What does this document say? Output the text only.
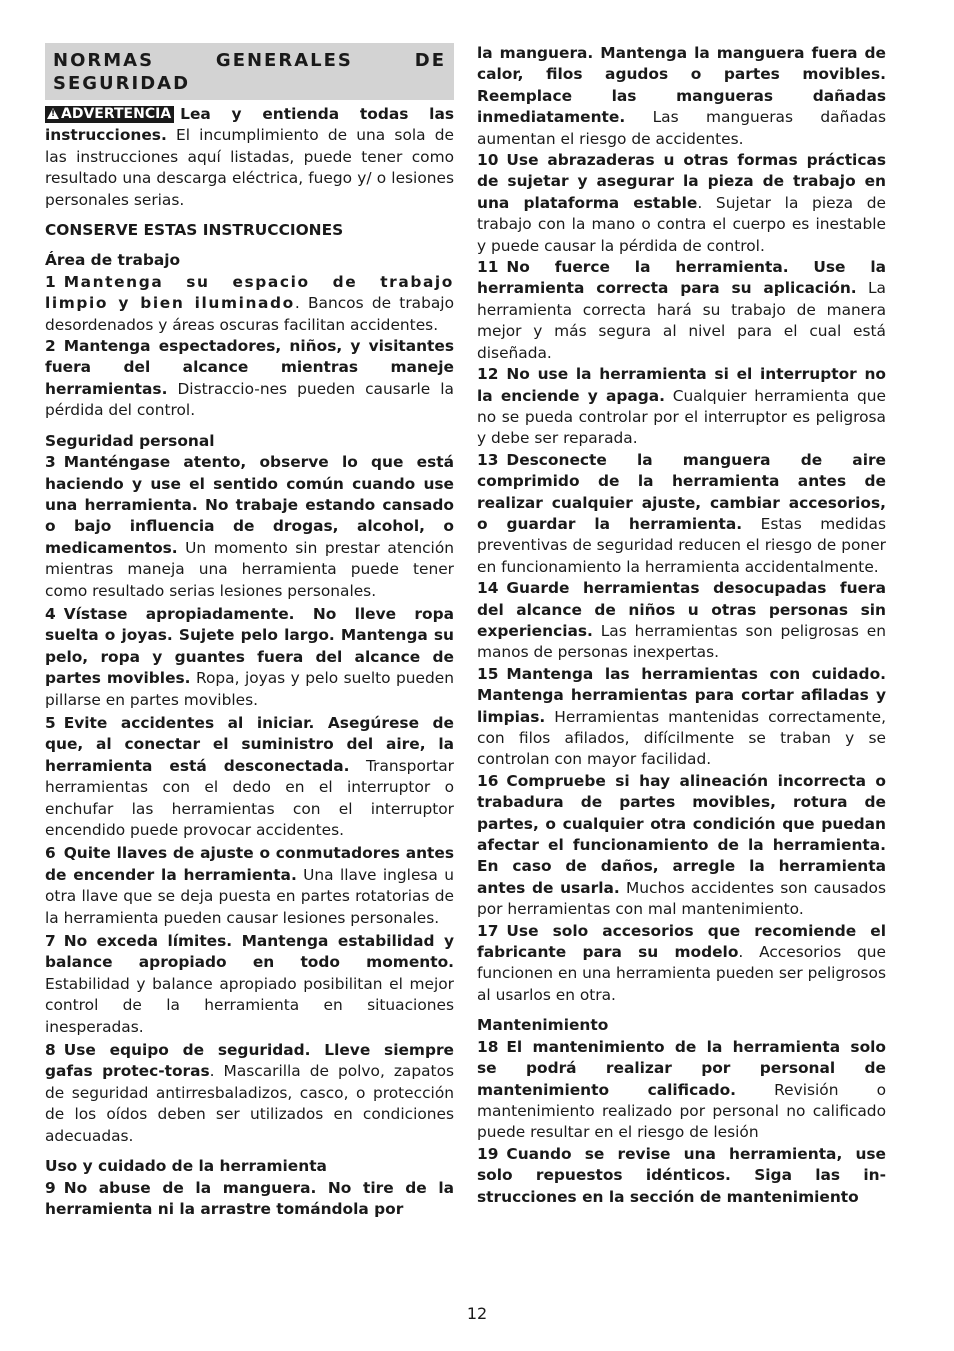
NORMAS GENERALES DE
SEGURIDAD

!ADVERTENCIA Lea y entienda todas las instrucciones. El incumplimiento de una sola de las instrucciones aquí listadas, puede tener como resultado una descarga eléctrica, fuego y/ o lesiones personales serias.

CONSERVE ESTAS INSTRUCCIONES

Área de trabajo

1 Mantenga su espacio de trabajo limpio y bien iluminado. Bancos de trabajo desordenados y áreas oscuras facilitan accidentes.

2 Mantenga espectadores, niños, y visitantes fuera del alcance mientras maneje herramientas. Distraccio-nes pueden causarle la pérdida del control.

Seguridad personal

3 Manténgase atento, observe lo que está haciendo y use el sentido común cuando use una herramienta. No trabaje estando cansado o bajo influencia de drogas, alcohol, o medicamentos. Un momento sin prestar atención mientras maneja una herramienta puede tener como resultado serias lesiones personales.

4 Vístase apropiadamente. No lleve ropa suelta o joyas. Sujete pelo largo. Mantenga su pelo, ropa y guantes fuera del alcance de partes movibles. Ropa, joyas y pelo suelto pueden pillarse en partes movibles.

5 Evite accidentes al iniciar. Asegúrese de que, al conectar el suministro del aire, la herramienta está desconectada. Transportar herramientas con el dedo en el interruptor o enchufar las herramientas con el interruptor encendido puede provocar accidentes.

6 Quite llaves de ajuste o conmutadores antes de encender la herramienta. Una llave inglesa u otra llave que se deja puesta en partes rotatorias de la herramienta pueden causar lesiones personales.

7 No exceda límites. Mantenga estabilidad y balance apropiado en todo momento. Estabilidad y balance apropiado posibilitan el mejor control de la herramienta en situaciones inesperadas.

8 Use equipo de seguridad. Lleve siempre gafas protec-toras. Mascarilla de polvo, zapatos de seguridad antirresbaladizos, casco, o protección de los oídos deben ser utilizados en condiciones adecuadas.

Uso y cuidado de la herramienta

9 No abuse de la manguera. No tire de la herramienta ni la arrastre tomándola por

la manguera. Mantenga la manguera fuera de calor, filos agudos o partes movibles. Reemplace las mangueras dañadas inmediatamente. Las mangueras dañadas aumentan el riesgo de accidentes.

10 Use abrazaderas u otras formas prácticas de sujetar y asegurar la pieza de trabajo en una plataforma estable. Sujetar la pieza de trabajo con la mano o contra el cuerpo es inestable y puede causar la pérdida de control.

11 No fuerce la herramienta. Use la herramienta correcta para su aplicación. La herramienta correcta hará su trabajo de manera mejor y más segura al nivel para el cual está diseñada.

12 No use la herramienta si el interruptor no la enciende y apaga. Cualquier herramienta que no se pueda controlar por el interruptor es peligrosa y debe ser reparada.

13 Desconecte la manguera de aire comprimido de la herramienta antes de realizar cualquier ajuste, cambiar accesorios, o guardar la herramienta. Estas medidas preventivas de seguridad reducen el riesgo de poner en funcionamiento la herramienta accidentalmente.

14 Guarde herramientas desocupadas fuera del alcance de niños u otras personas sin experiencias. Las herramientas son peligrosas en manos de personas inexpertas.

15 Mantenga las herramientas con cuidado. Mantenga herramientas para cortar afiladas y limpias. Herramientas mantenidas correctamente, con filos afilados, difícilmente se traban y se controlan con mayor facilidad.

16 Compruebe si hay alineación incorrecta o trabadura de partes movibles, rotura de partes, o cualquier otra condición que puedan afectar el funcionamiento de la herramienta. En caso de daños, arregle la herramienta antes de usarla. Muchos accidentes son causados por herramientas con mal mantenimiento.

17 Use solo accesorios que recomiende el fabricante para su modelo. Accesorios que funcionen en una herramienta pueden ser peligrosos al usarlos en otra.

Mantenimiento

18 El mantenimiento de la herramienta solo se podrá realizar por personal de mantenimiento calificado. Revisión o mantenimiento realizado por personal no calificado puede resultar en el riesgo de lesión

19 Cuando se revise una herramienta, use solo repuestos idénticos. Siga las in-strucciones en la sección de mantenimiento

12
